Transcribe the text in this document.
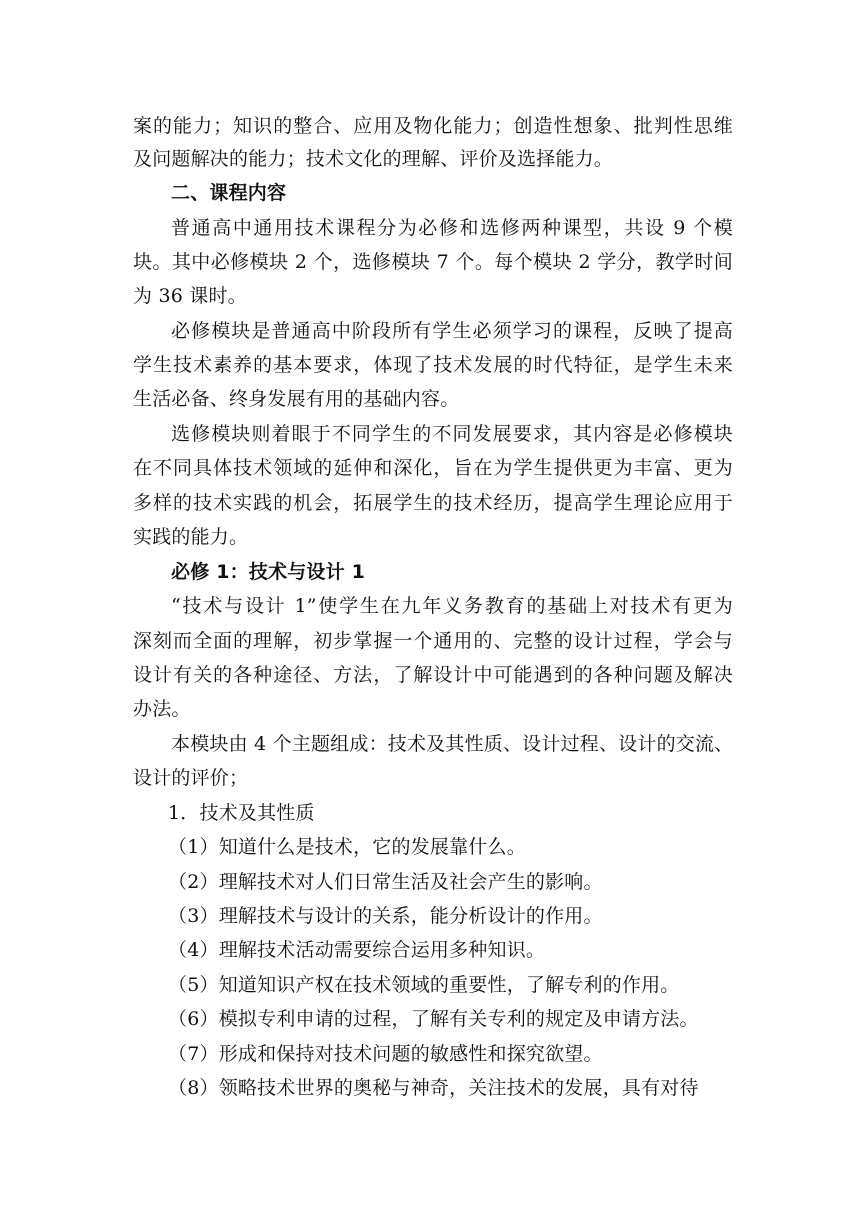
案的能力；知识的整合、应用及物化能力；创造性想象、批判性思维
及问题解决的能力；技术文化的理解、评价及选择能力。
二、课程内容
普通高中通用技术课程分为必修和选修两种课型，共设 9 个模
块。其中必修模块 2 个，选修模块 7 个。每个模块 2 学分，教学时间
为 36 课时。
必修模块是普通高中阶段所有学生必须学习的课程，反映了提高
学生技术素养的基本要求，体现了技术发展的时代特征，是学生未来
生活必备、终身发展有用的基础内容。
选修模块则着眼于不同学生的不同发展要求，其内容是必修模块
在不同具体技术领域的延伸和深化，旨在为学生提供更为丰富、更为
多样的技术实践的机会，拓展学生的技术经历，提高学生理论应用于
实践的能力。
必修 1：技术与设计 1
“技术与设计 1”使学生在九年义务教育的基础上对技术有更为
深刻而全面的理解，初步掌握一个通用的、完整的设计过程，学会与
设计有关的各种途径、方法，了解设计中可能遇到的各种问题及解决
办法。
本模块由 4 个主题组成：技术及其性质、设计过程、设计的交流、
设计的评价；
1．技术及其性质
（1）知道什么是技术，它的发展靠什么。
（2）理解技术对人们日常生活及社会产生的影响。
（3）理解技术与设计的关系，能分析设计的作用。
（4）理解技术活动需要综合运用多种知识。
（5）知道知识产权在技术领域的重要性，了解专利的作用。
（6）模拟专利申请的过程，了解有关专利的规定及申请方法。
（7）形成和保持对技术问题的敏感性和探究欲望。
（8）领略技术世界的奥秘与神奇，关注技术的发展，具有对待
